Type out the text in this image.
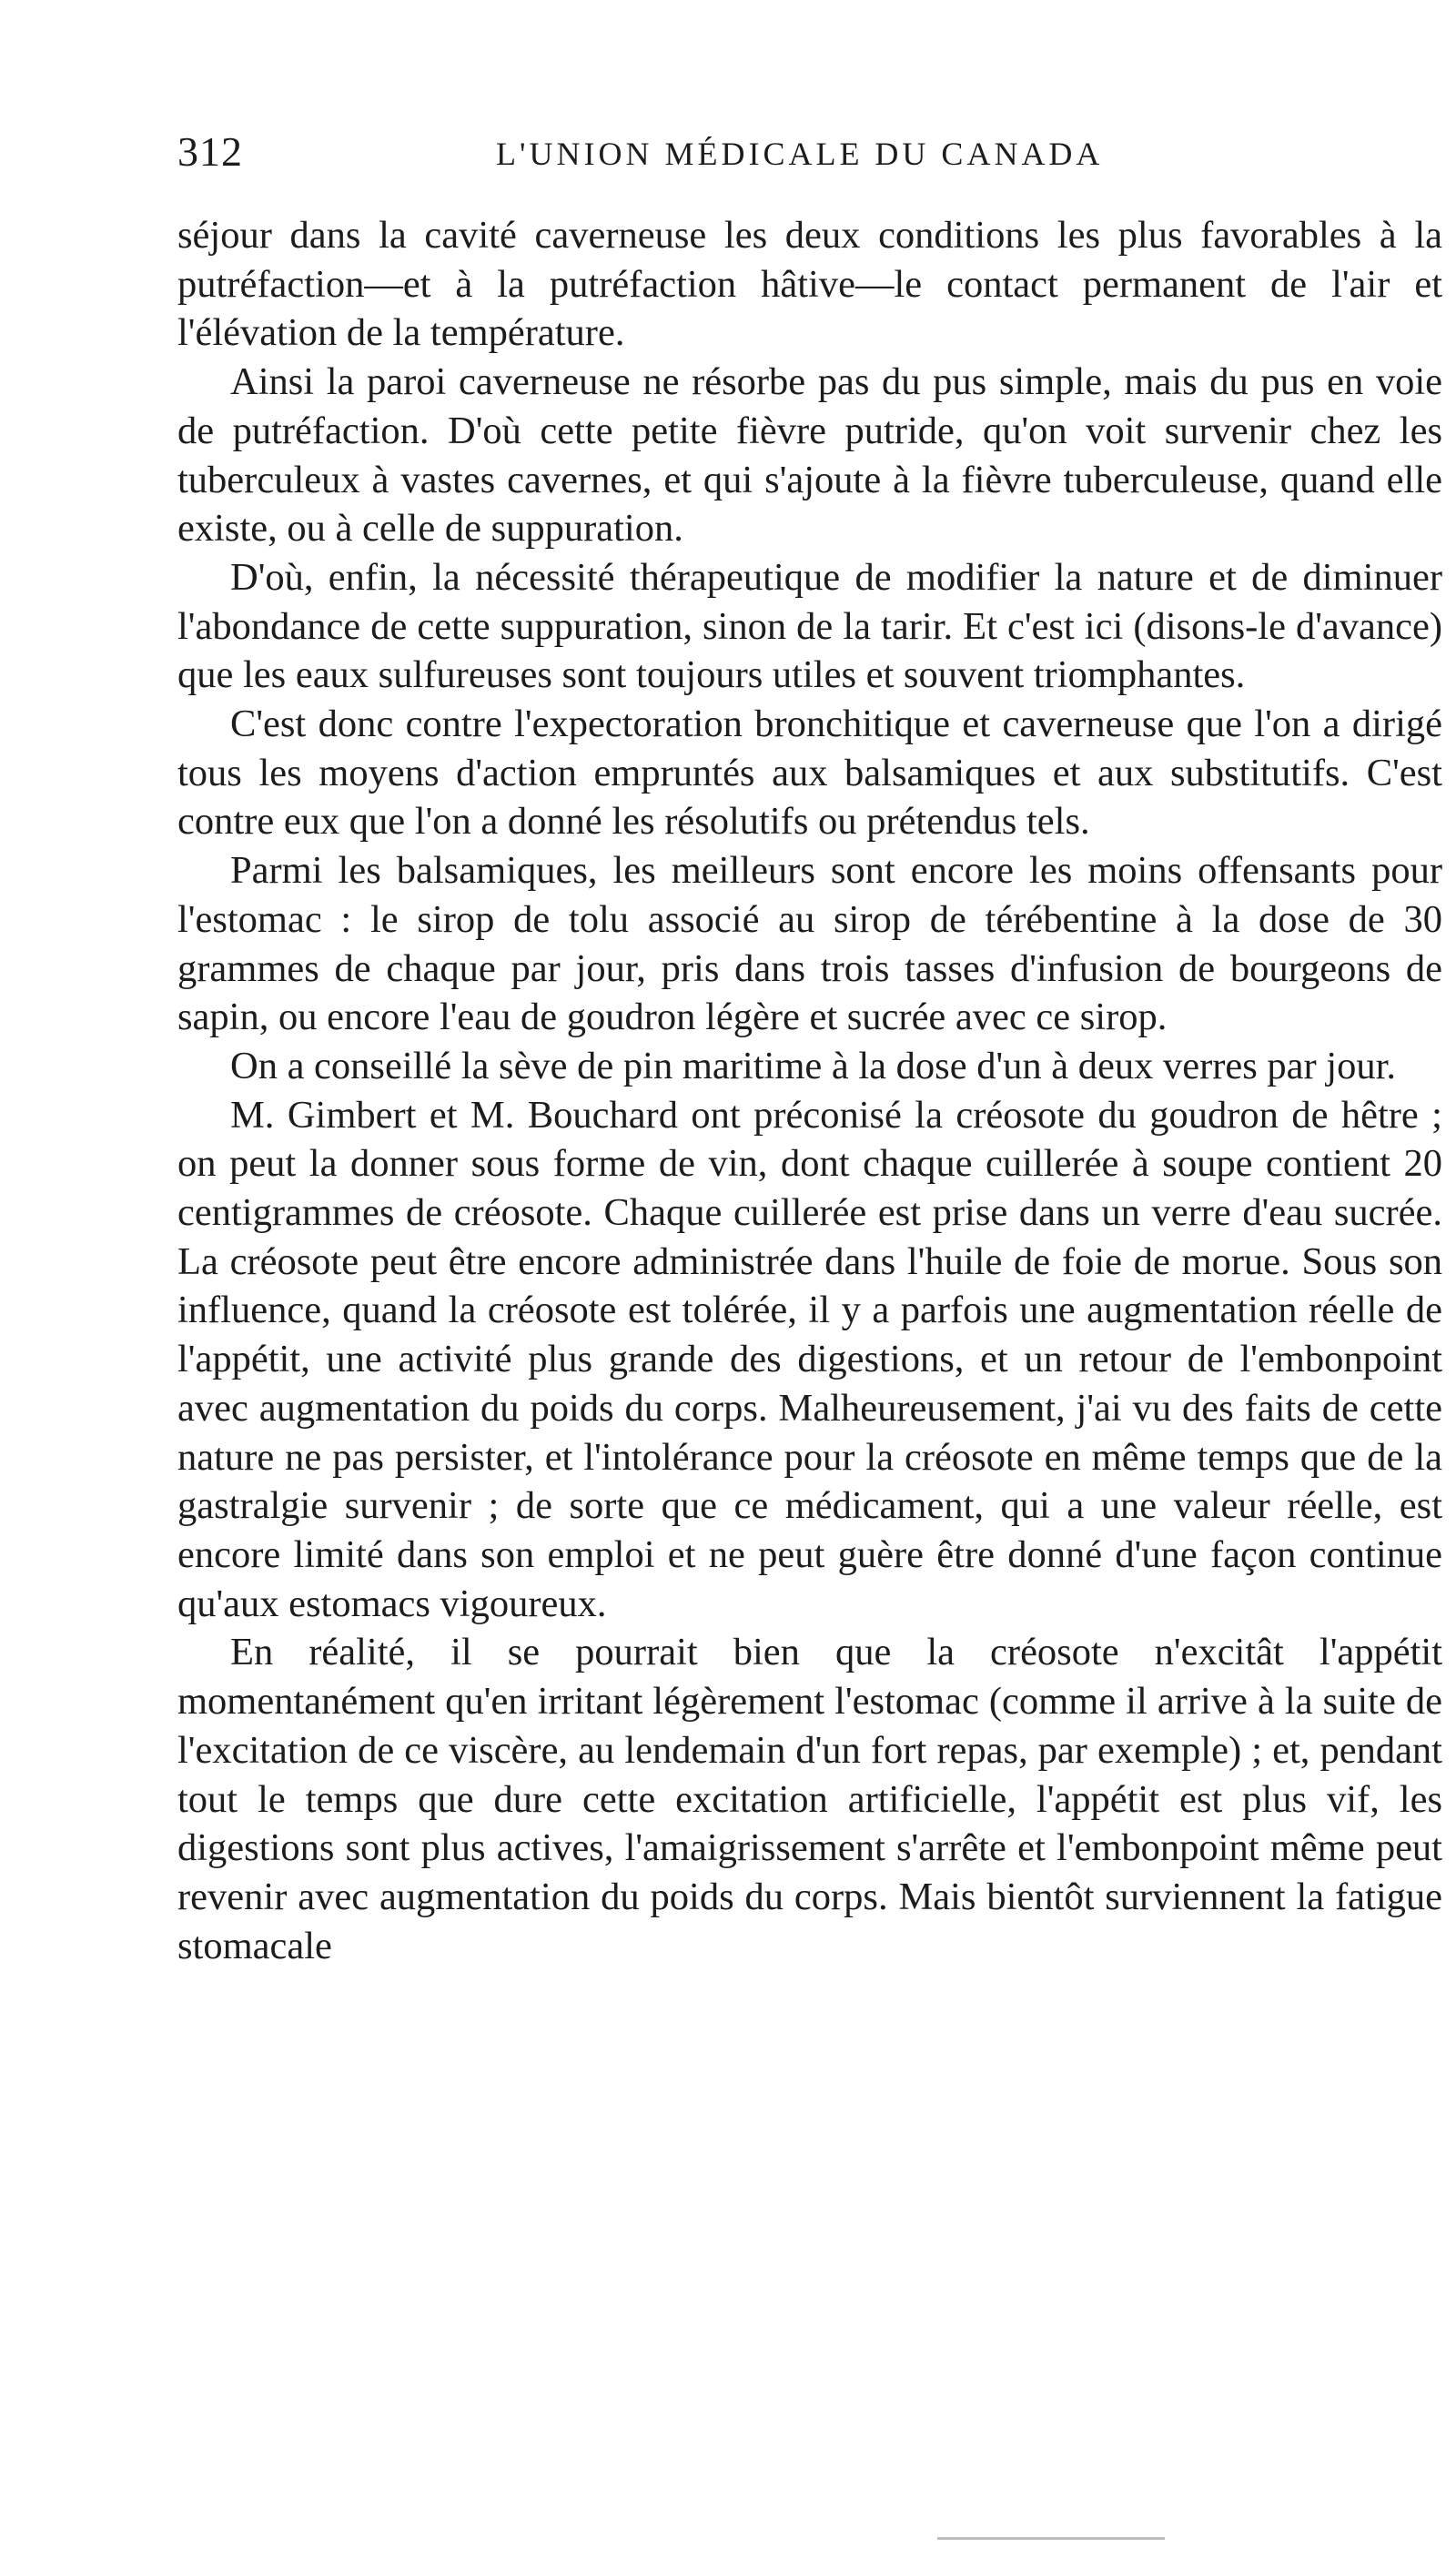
312	L'UNION MÉDICALE DU CANADA

séjour dans la cavité caverneuse les deux conditions les plus favorables à la putréfaction—et à la putréfaction hâtive—le contact permanent de l'air et l'élévation de la température.

Ainsi la paroi caverneuse ne résorbe pas du pus simple, mais du pus en voie de putréfaction. D'où cette petite fièvre putride, qu'on voit survenir chez les tuberculeux à vastes cavernes, et qui s'ajoute à la fièvre tuberculeuse, quand elle existe, ou à celle de suppuration.

D'où, enfin, la nécessité thérapeutique de modifier la nature et de diminuer l'abondance de cette suppuration, sinon de la tarir. Et c'est ici (disons-le d'avance) que les eaux sulfureuses sont toujours utiles et souvent triomphantes.

C'est donc contre l'expectoration bronchitique et caverneuse que l'on a dirigé tous les moyens d'action empruntés aux balsamiques et aux substitutifs. C'est contre eux que l'on a donné les résolutifs ou prétendus tels.

Parmi les balsamiques, les meilleurs sont encore les moins offensants pour l'estomac : le sirop de tolu associé au sirop de térébentine à la dose de 30 grammes de chaque par jour, pris dans trois tasses d'infusion de bourgeons de sapin, ou encore l'eau de goudron légère et sucrée avec ce sirop.

On a conseillé la sève de pin maritime à la dose d'un à deux verres par jour.

M. Gimbert et M. Bouchard ont préconisé la créosote du goudron de hêtre ; on peut la donner sous forme de vin, dont chaque cuillerée à soupe contient 20 centigrammes de créosote. Chaque cuillerée est prise dans un verre d'eau sucrée. La créosote peut être encore administrée dans l'huile de foie de morue. Sous son influence, quand la créosote est tolérée, il y a parfois une augmentation réelle de l'appétit, une activité plus grande des digestions, et un retour de l'embonpoint avec augmentation du poids du corps. Malheureusement, j'ai vu des faits de cette nature ne pas persister, et l'intolérance pour la créosote en même temps que de la gastralgie survenir ; de sorte que ce médicament, qui a une valeur réelle, est encore limité dans son emploi et ne peut guère être donné d'une façon continue qu'aux estomacs vigoureux.

En réalité, il se pourrait bien que la créosote n'excitât l'appétit momentanément qu'en irritant légèrement l'estomac (comme il arrive à la suite de l'excitation de ce viscère, au lendemain d'un fort repas, par exemple) ; et, pendant tout le temps que dure cette excitation artificielle, l'appétit est plus vif, les digestions sont plus actives, l'amaigrissement s'arrête et l'embonpoint même peut revenir avec augmentation du poids du corps. Mais bientôt surviennent la fatigue stomacale
